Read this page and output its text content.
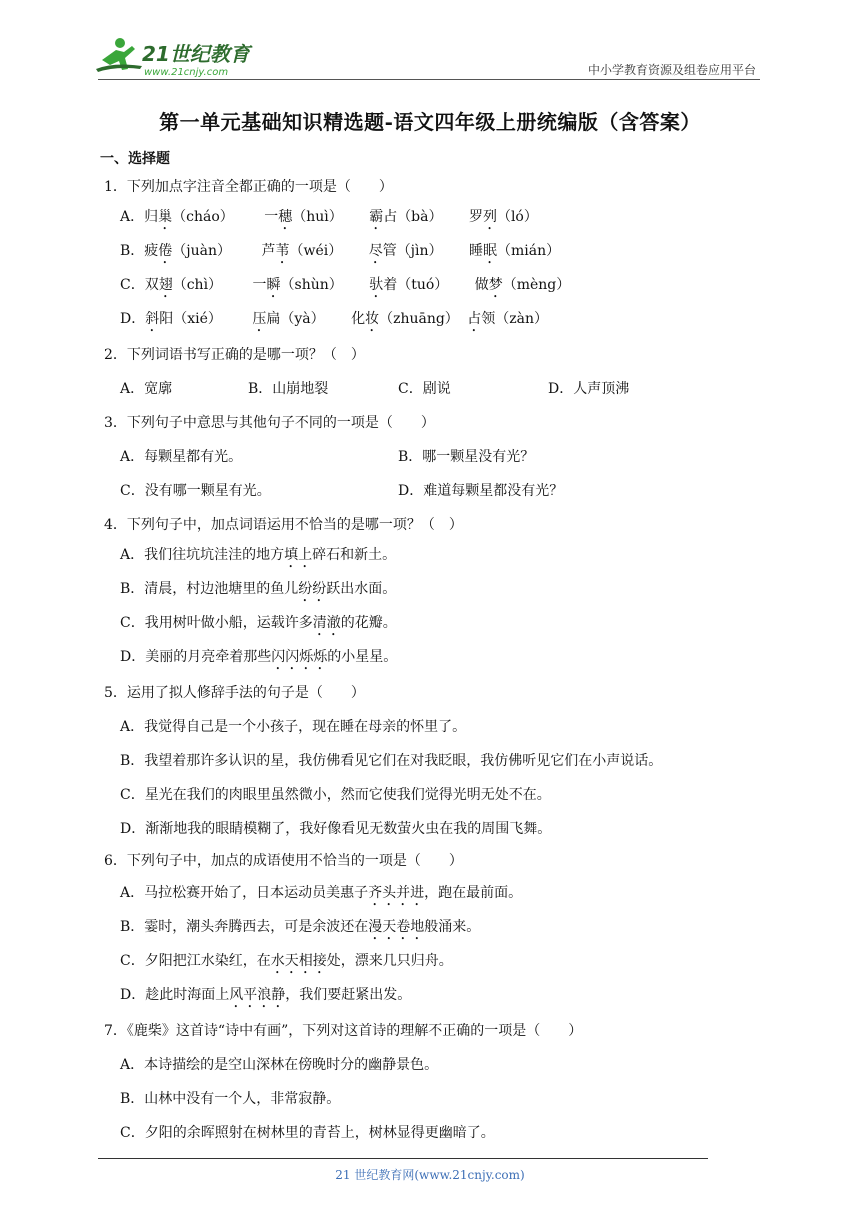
21世纪教育
www.21cnjy.com	中小学教育资源及组卷应用平台
第一单元基础知识精选题-语文四年级上册统编版（含答案）
一、选择题
1．下列加点字注音全都正确的一项是（　　）
A．归巢（cháo） 一穗（huì） 霸占（bà） 罗列（ló）
B．疲倦（juàn） 芦苇（wéi） 尽管（jìn） 睡眠（mián）
C．双翅（chì） 一瞬（shùn） 驮着（tuó） 做梦（mèng）
D．斜阳（xié） 压扁（yà） 化妆（zhuāng） 占领（zàn）
2．下列词语书写正确的是哪一项？（　）
A．宽廓	B．山崩地裂	C．剧说	D．人声顶沸
3．下列句子中意思与其他句子不同的一项是（　　）
A．每颗星都有光。	B．哪一颗星没有光？
C．没有哪一颗星有光。	D．难道每颗星都没有光？
4．下列句子中，加点词语运用不恰当的是哪一项？（　）
A．我们往坑坑洼洼的地方填上碎石和新土。
B．清晨，村边池塘里的鱼儿纷纷跃出水面。
C．我用树叶做小船，运载许多清澈的花瓣。
D．美丽的月亮牵着那些闪闪烁烁的小星星。
5．运用了拟人修辞手法的句子是（　　）
A．我觉得自己是一个小孩子，现在睡在母亲的怀里了。
B．我望着那许多认识的星，我仿佛看见它们在对我眨眼，我仿佛听见它们在小声说话。
C．星光在我们的肉眼里虽然微小，然而它使我们觉得光明无处不在。
D．渐渐地我的眼睛模糊了，我好像看见无数萤火虫在我的周围飞舞。
6．下列句子中，加点的成语使用不恰当的一项是（　　）
A．马拉松赛开始了，日本运动员美惠子齐头并进，跑在最前面。
B．霎时，潮头奔腾西去，可是余波还在漫天卷地般涌来。
C．夕阳把江水染红，在水天相接处，漂来几只归舟。
D．趁此时海面上风平浪静，我们要赶紧出发。
7．《鹿柴》这首诗“诗中有画”，下列对这首诗的理解不正确的一项是（　　）
A．本诗描绘的是空山深林在傍晚时分的幽静景色。
B．山林中没有一个人，非常寂静。
C．夕阳的余晖照射在树林里的青苔上，树林显得更幽暗了。
21 世纪教育网(www.21cnjy.com)
